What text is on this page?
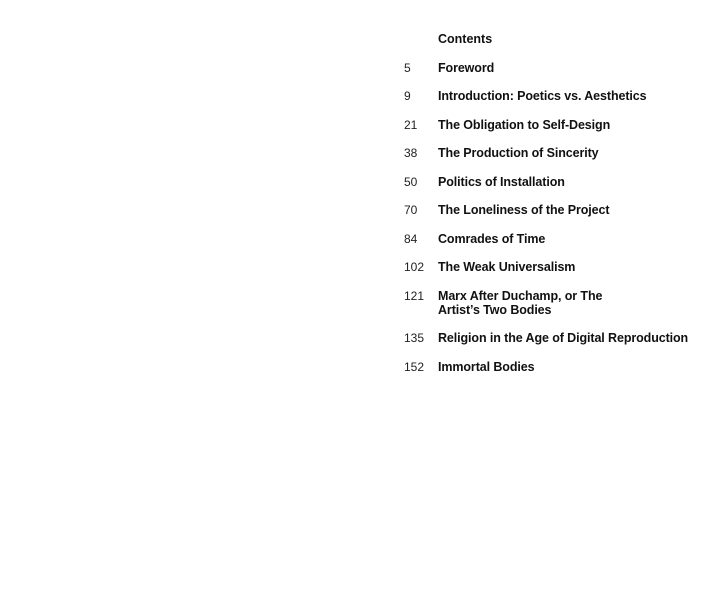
Contents
5	Foreword
9	Introduction: Poetics vs. Aesthetics
21	The Obligation to Self-Design
38	The Production of Sincerity
50	Politics of Installation
70	The Loneliness of the Project
84	Comrades of Time
102	The Weak Universalism
121	Marx After Duchamp, or The Artist’s Two Bodies
135	Religion in the Age of Digital Reproduction
152	Immortal Bodies
